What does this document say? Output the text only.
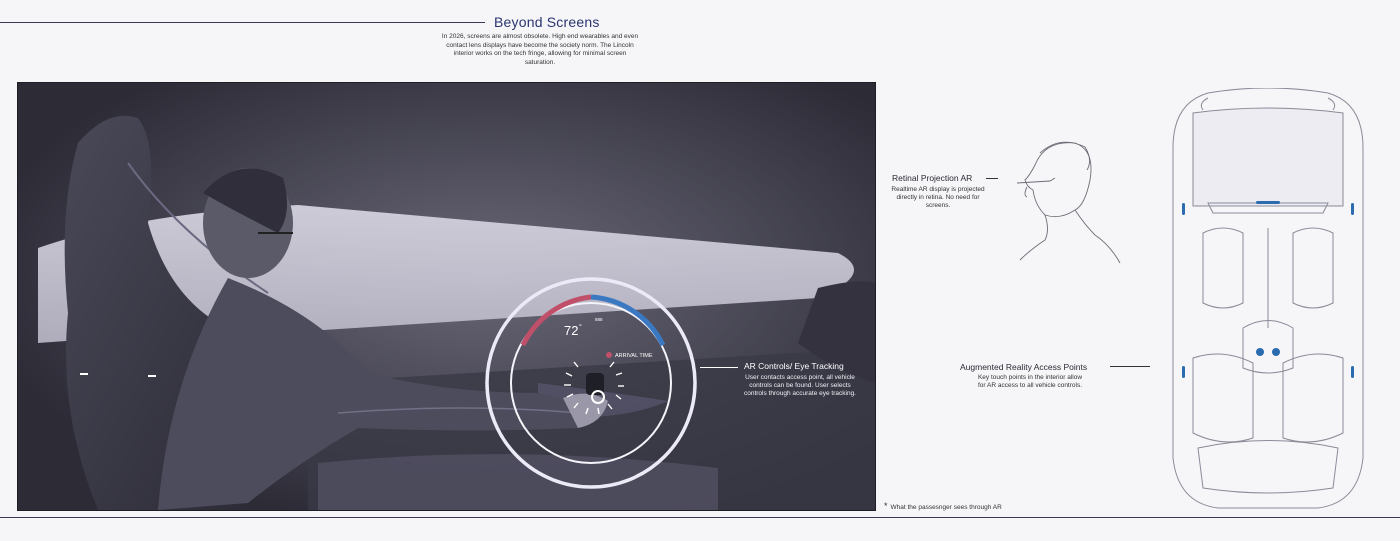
Beyond Screens
In 2026, screens are almost obsolete. High end wearables and even contact lens displays have become the society norm. The Lincoln interior works on the tech fringe, allowing for minimal screen saturation.
72 °
888
ARRIVAL TIME
AR Controls/ Eye Tracking
User contacts access point, all vehicle controls can be found. User selects controls through accurate eye tracking.
Retinal Projection AR
Realtime AR display is projected directly in retina. No need for screens.
Augmented Reality Access Points
Key touch points in the interior allow for AR access to all vehicle controls.
* What the passesnger sees through AR
